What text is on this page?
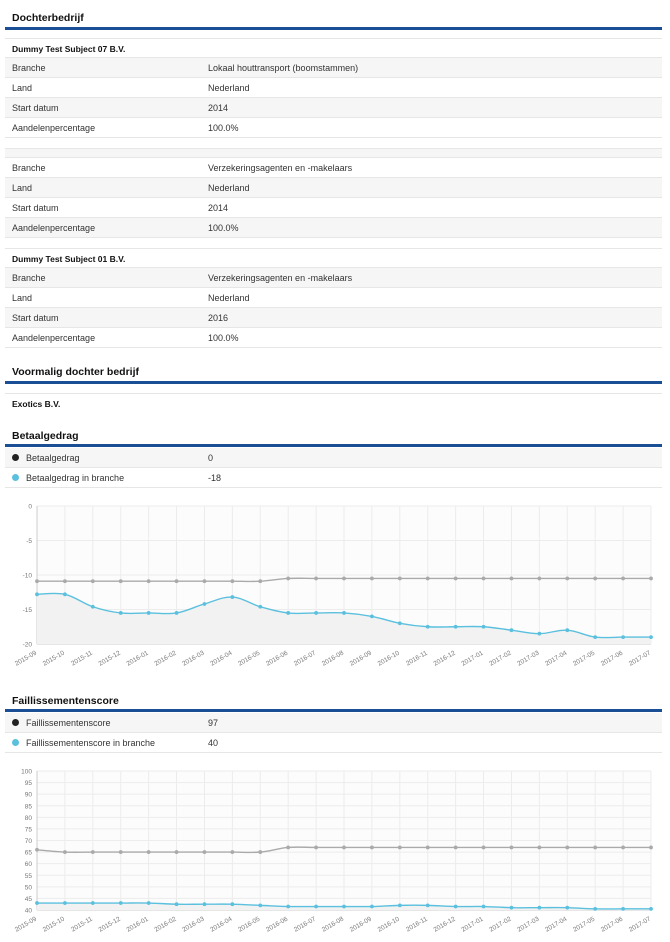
Dochterbedrijf
Dummy Test Subject 07 B.V.
Branche	Lokaal houttransport (boomstammen)
Land	Nederland
Start datum	2014
Aandelenpercentage	100.0%
Branche	Verzekeringsagenten en -makelaars
Land	Nederland
Start datum	2014
Aandelenpercentage	100.0%
Dummy Test Subject 01 B.V.
Branche	Verzekeringsagenten en -makelaars
Land	Nederland
Start datum	2016
Aandelenpercentage	100.0%
Voormalig dochter bedrijf
Exotics B.V.
Betaalgedrag
Betaalgedrag	0
Betaalgedrag in branche	-18
0
-5
-10
-15
-20
2015-09 2015-10 2015-11 2015-12 2016-01 2016-02 2016-03 2016-04 2016-05 2016-06 2016-07 2016-08 2016-09 2016-10 2016-11 2016-12 2017-01 2017-02 2017-03 2017-04 2017-05 2017-06 2017-07
Faillissementenscore
Faillissementenscore	97
Faillissementenscore in branche	40
100
95
90
85
80
75
70
65
60
55
50
45
40
2015-09 2015-10 2015-11 2015-12 2016-01 2016-02 2016-03 2016-04 2016-05 2016-06 2016-07 2016-08 2016-09 2016-10 2016-11 2016-12 2017-01 2017-02 2017-03 2017-04 2017-05 2017-06 2017-07
